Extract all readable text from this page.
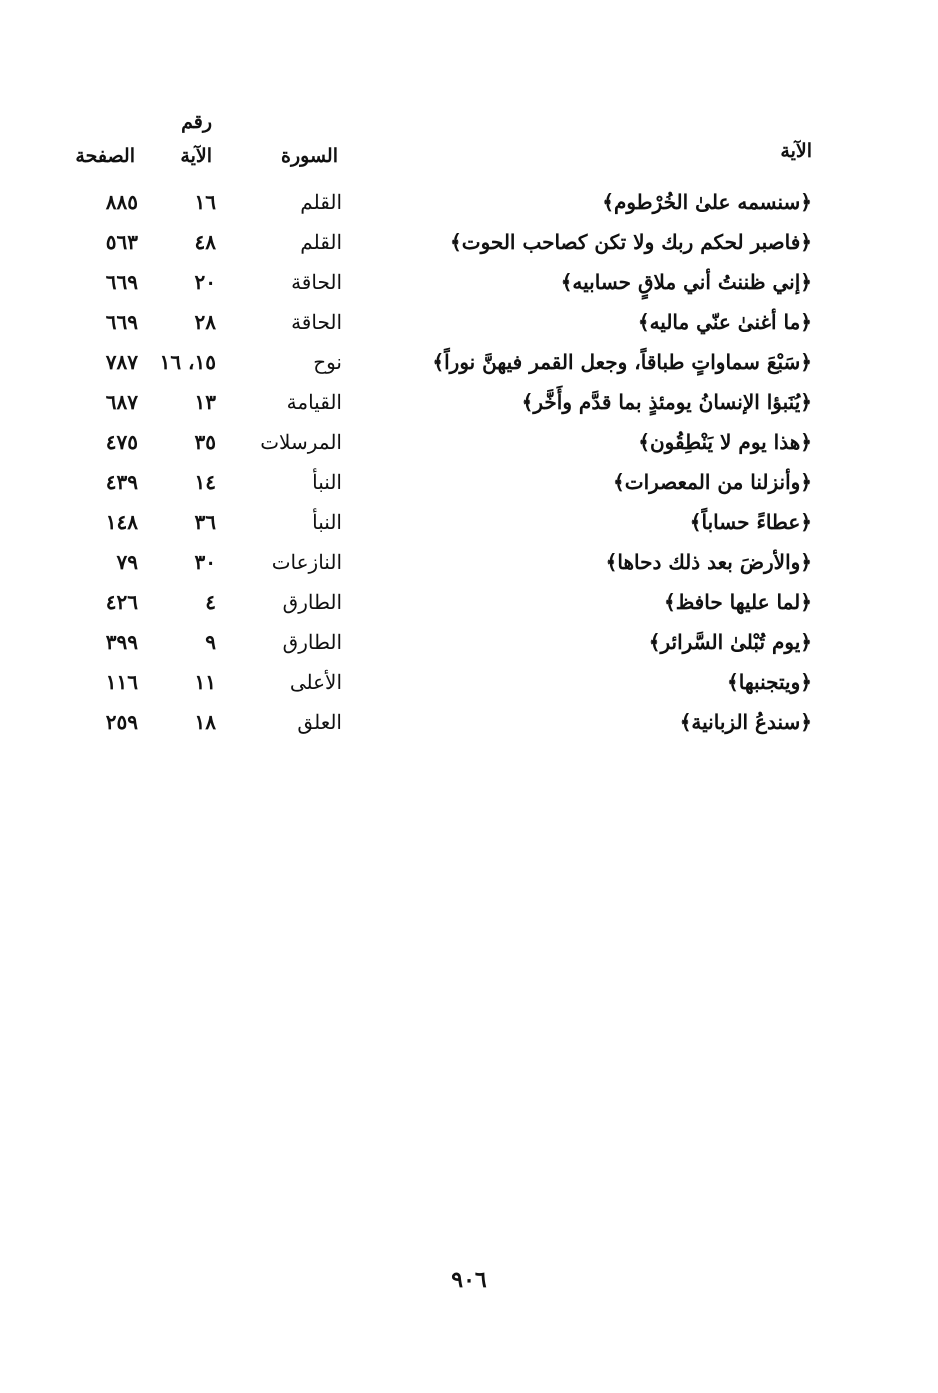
الآية
السورة
رقم
الآية
الصفحة
﴿سنسمه علىٰ الخُرْطوم﴾
القلم
١٦
٨٨٥
﴿فاصبر لحكم ربك ولا تكن كصاحب الحوت﴾
القلم
٤٨
٥٦٣
﴿إني ظننتُ أني ملاقٍ حسابيه﴾
الحاقة
٢٠
٦٦٩
﴿ما أغنىٰ عنّي ماليه﴾
الحاقة
٢٨
٦٦٩
﴿سَبْعَ سماواتٍ طباقاً، وجعل القمر فيهنَّ نوراً﴾
نوح
١٥، ١٦
٧٨٧
﴿يُنَبؤا الإنسانُ يومئذٍ بما قدَّم وأَخَّر﴾
القيامة
١٣
٦٨٧
﴿هذا يوم لا يَنْطِقُون﴾
المرسلات
٣٥
٤٧٥
﴿وأنزلنا من المعصرات﴾
النبأ
١٤
٤٣٩
﴿عطاءً حساباً﴾
النبأ
٣٦
١٤٨
﴿والأرضَ بعد ذلك دحاها﴾
النازعات
٣٠
٧٩
﴿لما عليها حافظ﴾
الطارق
٤
٤٢٦
﴿يوم تُبْلىٰ السَّرائر﴾
الطارق
٩
٣٩٩
﴿ويتجنبها﴾
الأعلى
١١
١١٦
﴿سندعُ الزبانية﴾
العلق
١٨
٢٥٩
٩٠٦
